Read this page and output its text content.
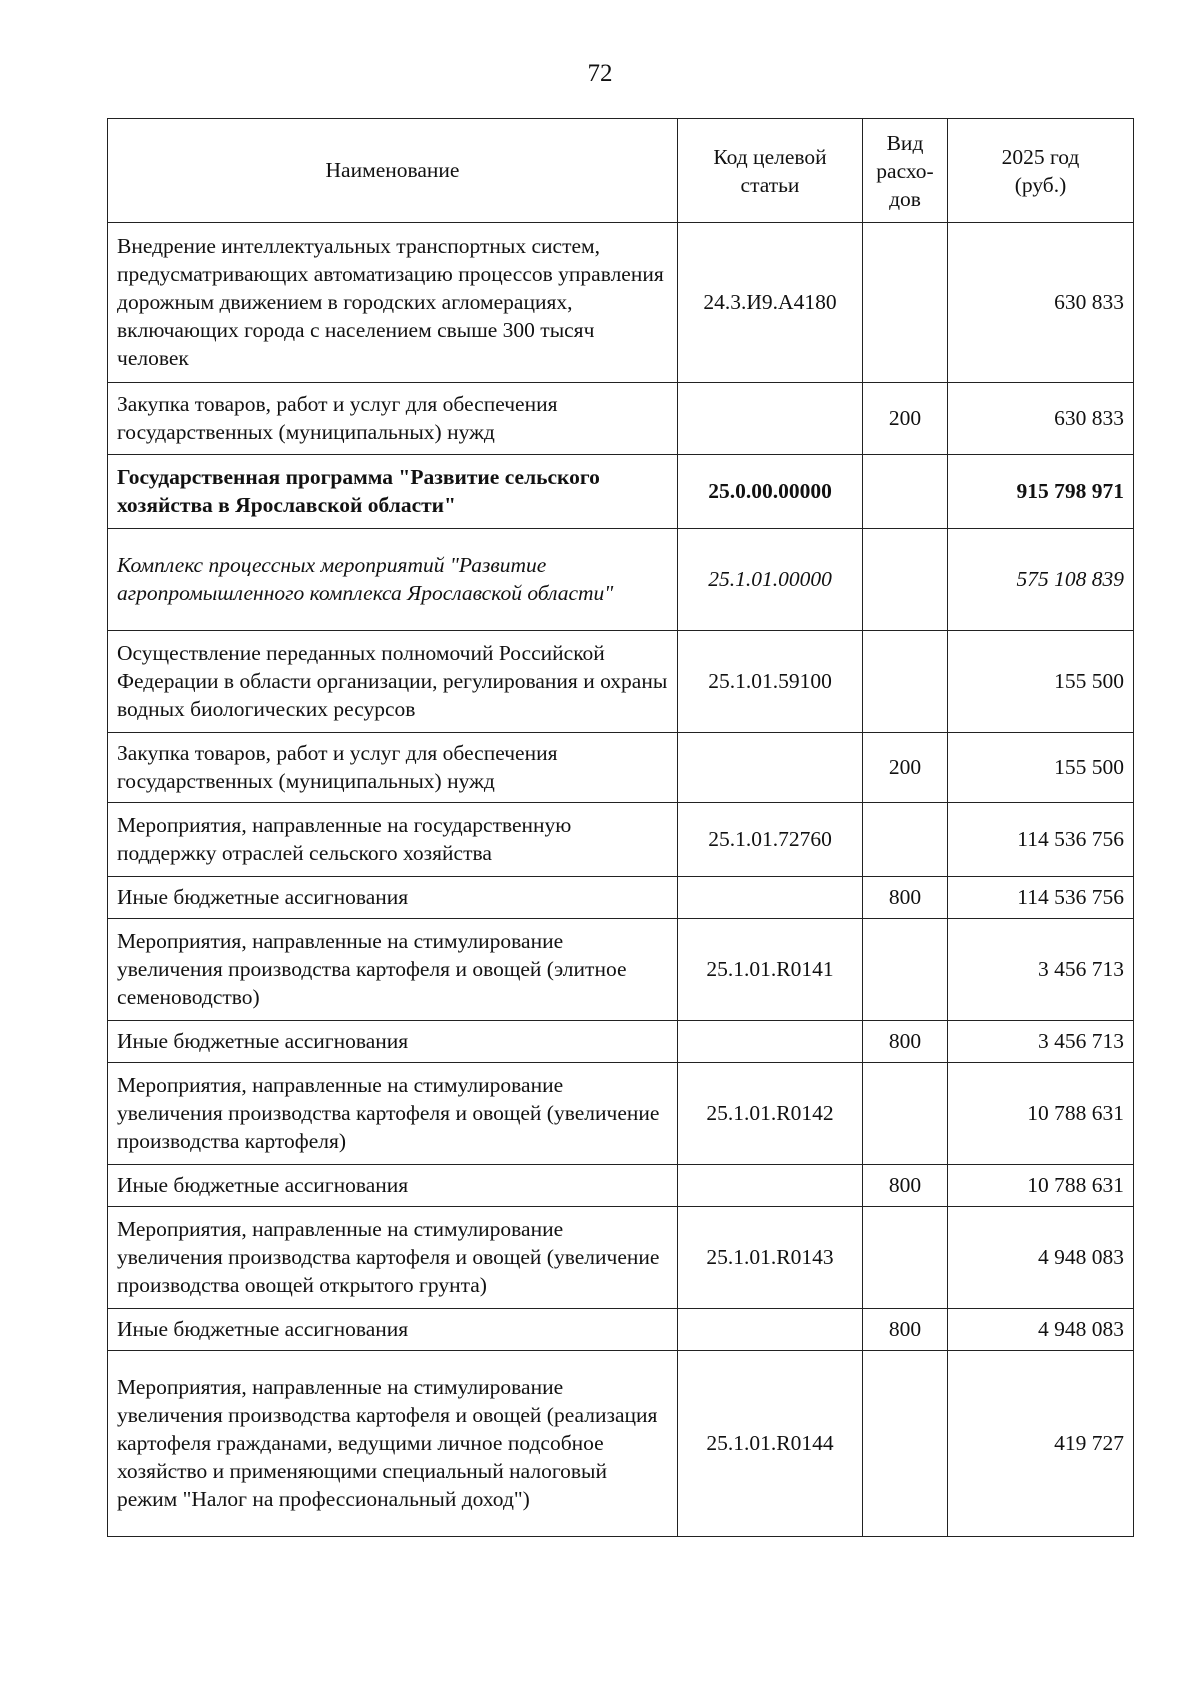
72
Наименование	Код целевой статьи	Вид расхо-дов	2025 год (руб.)
Внедрение интеллектуальных транспортных систем, предусматривающих автоматизацию процессов управления дорожным движением в городских агломерациях, включающих города с населением свыше 300 тысяч человек	24.3.И9.А4180		630 833
Закупка товаров, работ и услуг для обеспечения государственных (муниципальных) нужд		200	630 833
Государственная программа "Развитие сельского хозяйства в Ярославской области"	25.0.00.00000		915 798 971
Комплекс процессных мероприятий "Развитие агропромышленного комплекса Ярославской области"	25.1.01.00000		575 108 839
Осуществление переданных полномочий Российской Федерации в области организации, регулирования и охраны водных биологических ресурсов	25.1.01.59100		155 500
Закупка товаров, работ и услуг для обеспечения государственных (муниципальных) нужд		200	155 500
Мероприятия, направленные на государственную поддержку отраслей сельского хозяйства	25.1.01.72760		114 536 756
Иные бюджетные ассигнования		800	114 536 756
Мероприятия, направленные на стимулирование увеличения производства картофеля и овощей (элитное семеноводство)	25.1.01.R0141		3 456 713
Иные бюджетные ассигнования		800	3 456 713
Мероприятия, направленные на стимулирование увеличения производства картофеля и овощей (увеличение производства картофеля)	25.1.01.R0142		10 788 631
Иные бюджетные ассигнования		800	10 788 631
Мероприятия, направленные на стимулирование увеличения производства картофеля и овощей (увеличение производства овощей открытого грунта)	25.1.01.R0143		4 948 083
Иные бюджетные ассигнования		800	4 948 083
Мероприятия, направленные на стимулирование увеличения производства картофеля и овощей (реализация картофеля гражданами, ведущими личное подсобное хозяйство и применяющими специальный налоговый режим "Налог на профессиональный доход")	25.1.01.R0144		419 727
